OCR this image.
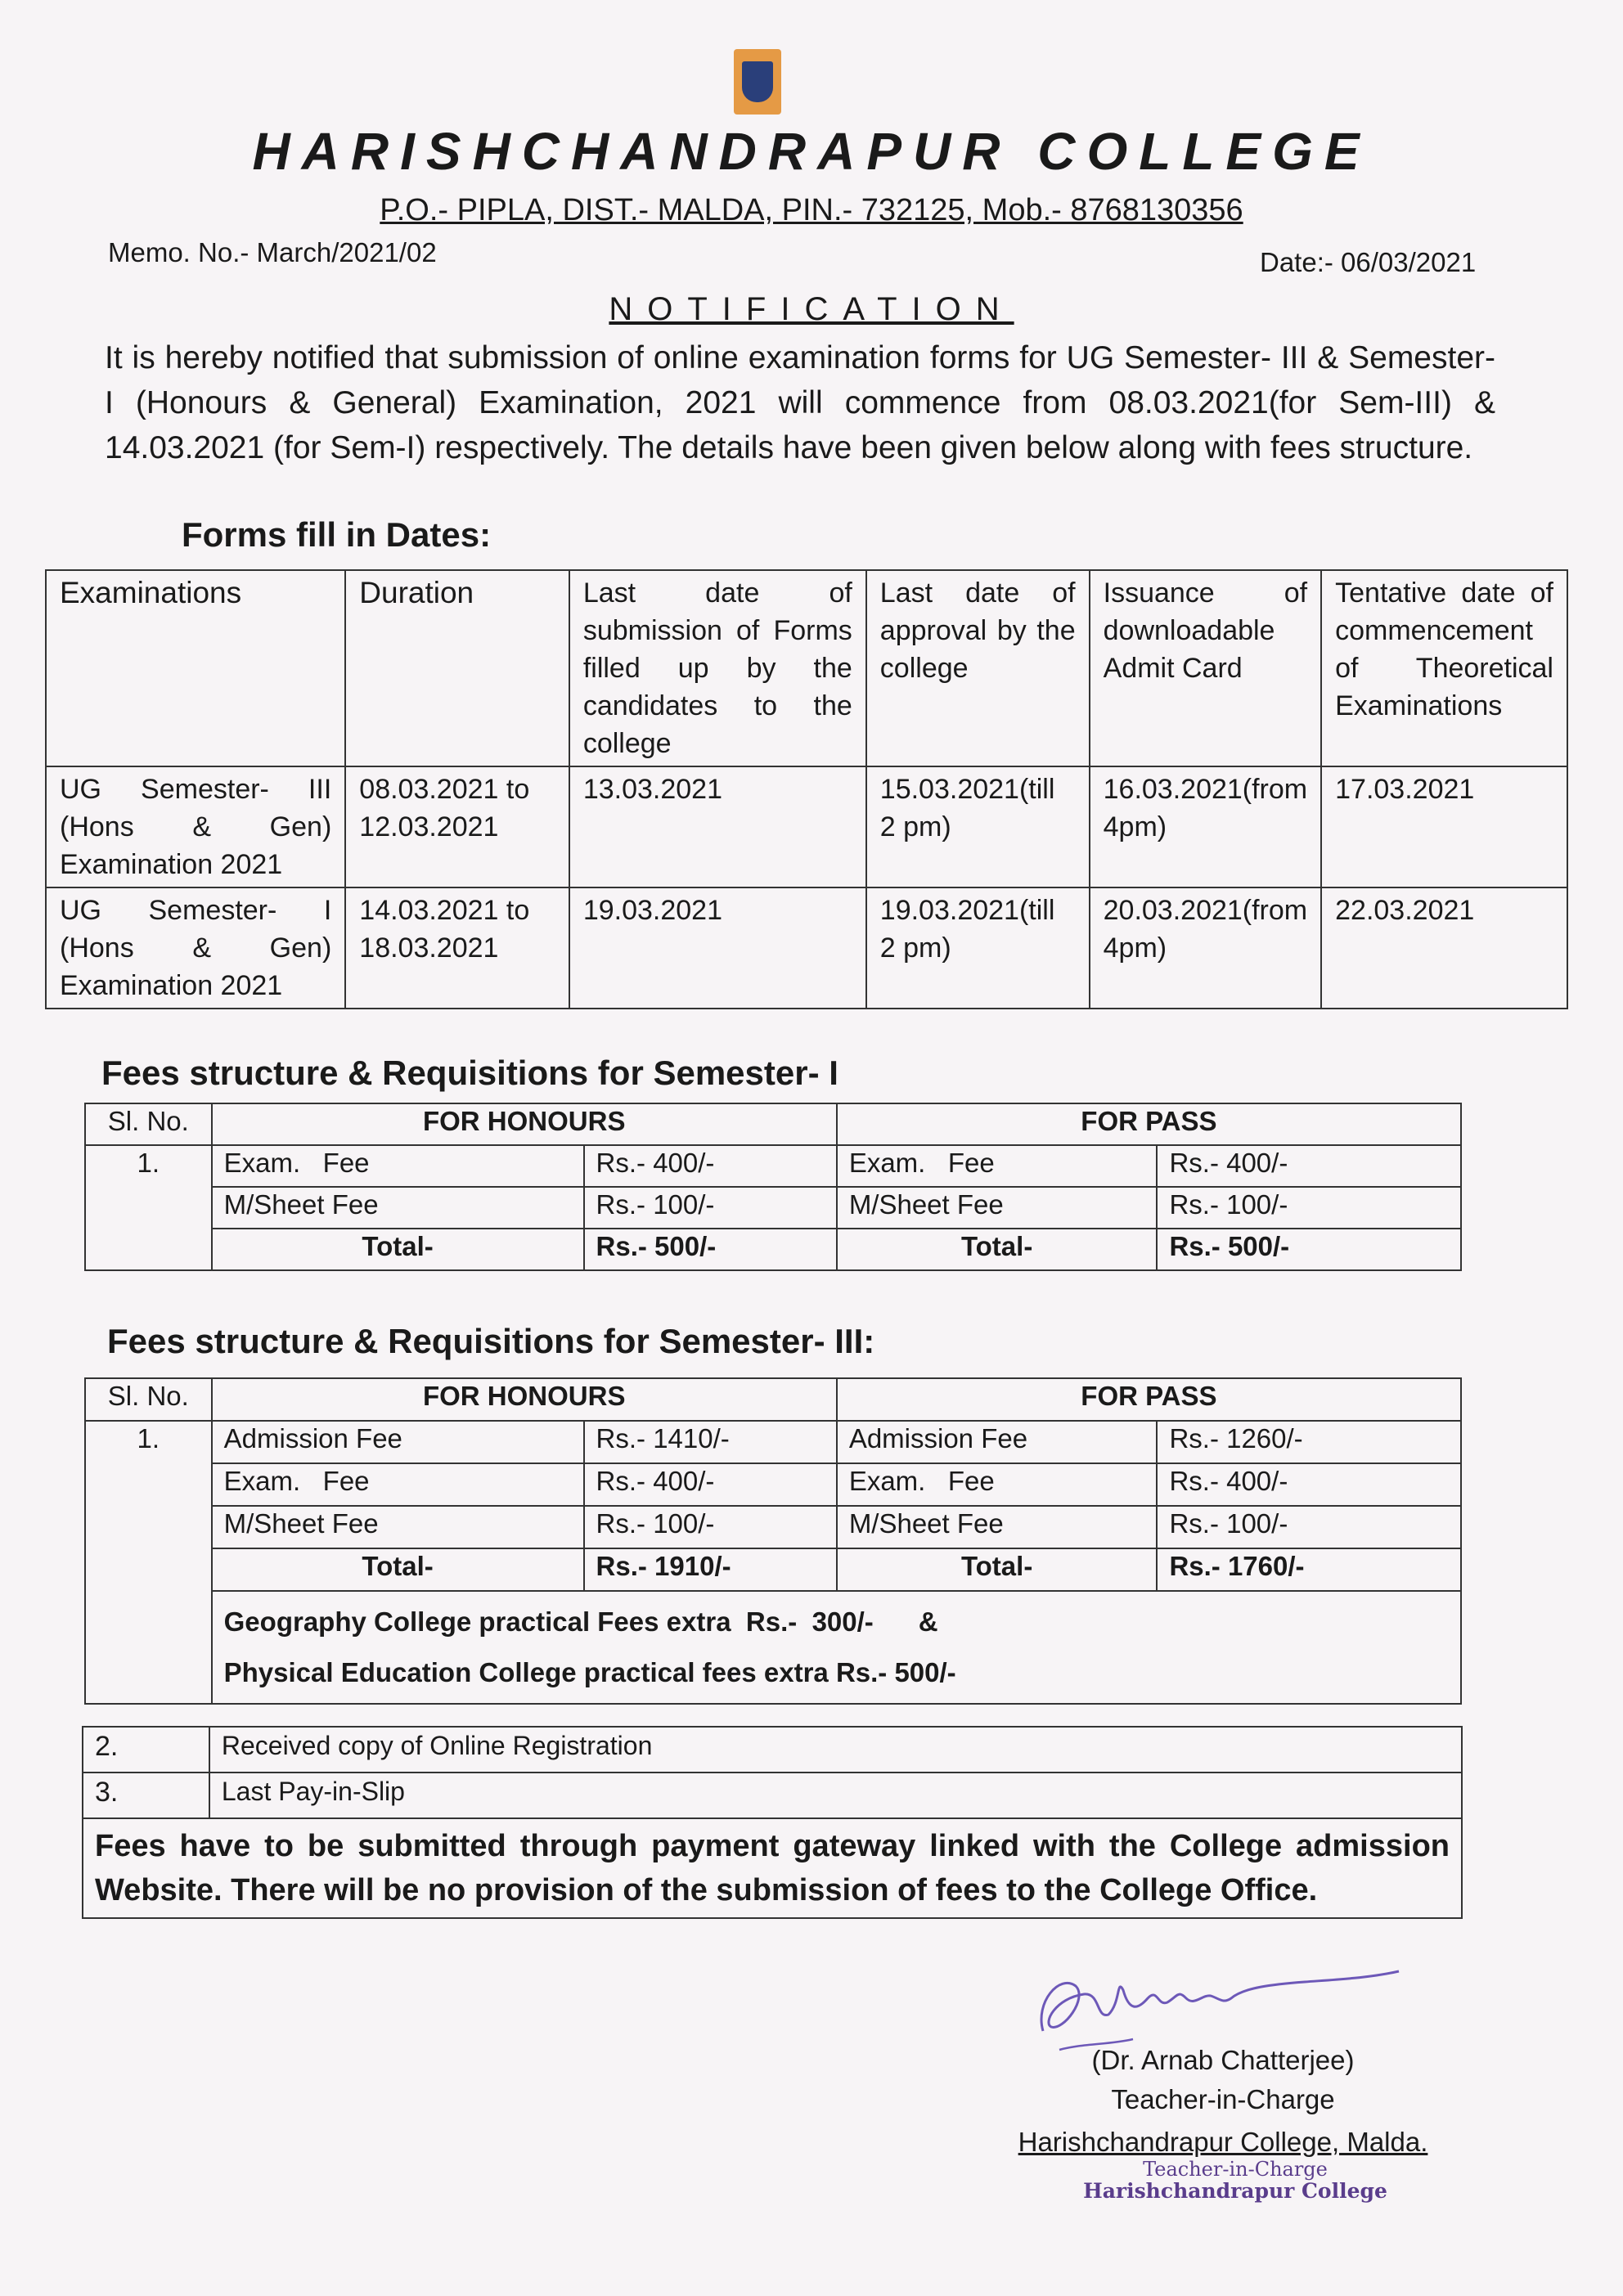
HARISHCHANDRAPUR COLLEGE
P.O.- PIPLA, DIST.- MALDA, PIN.- 732125, Mob.- 8768130356
Memo. No.- March/2021/02	Date:- 06/03/2021
NOTIFICATION
It is hereby notified that submission of online examination forms for UG Semester- III & Semester- I (Honours & General) Examination, 2021 will commence from 08.03.2021(for Sem-III) & 14.03.2021 (for Sem-I) respectively. The details have been given below along with fees structure.
Forms fill in Dates:
Examinations	Duration	Last date of submission of Forms filled up by the candidates to the college	Last date of approval by the college	Issuance of downloadable Admit Card	Tentative date of commencement of Theoretical Examinations
UG Semester- III (Hons & Gen) Examination 2021	08.03.2021 to 12.03.2021	13.03.2021	15.03.2021(till 2 pm)	16.03.2021(from 4pm)	17.03.2021
UG Semester- I (Hons & Gen) Examination 2021	14.03.2021 to 18.03.2021	19.03.2021	19.03.2021(till 2 pm)	20.03.2021(from 4pm)	22.03.2021
Fees structure & Requisitions for Semester- I
Sl. No.	FOR HONOURS		FOR PASS	
1.	Exam.   Fee	Rs.- 400/-	Exam.   Fee	Rs.- 400/-
	M/Sheet Fee	Rs.- 100/-	M/Sheet Fee	Rs.- 100/-
	Total-	Rs.- 500/-	Total-	Rs.- 500/-
Fees structure & Requisitions for Semester- III:
Sl. No.	FOR HONOURS		FOR PASS	
1.	Admission Fee	Rs.- 1410/-	Admission Fee	Rs.- 1260/-
	Exam.   Fee	Rs.- 400/-	Exam.   Fee	Rs.- 400/-
	M/Sheet Fee	Rs.- 100/-	M/Sheet Fee	Rs.- 100/-
	Total-	Rs.- 1910/-	Total-	Rs.- 1760/-

	Geography College practical Fees extra  Rs.-  300/-      &
Physical Education College practical fees extra Rs.- 500/-			
2.	Received copy of Online Registration
3.	Last Pay-in-Slip
Fees have to be submitted through payment gateway linked with the College admission Website. There will be no provision of the submission of fees to the College Office.	
(Dr. Arnab Chatterjee)
Teacher-in-Charge
Harishchandrapur College, Malda.
Teacher-in-Charge
Harishchandrapur College
